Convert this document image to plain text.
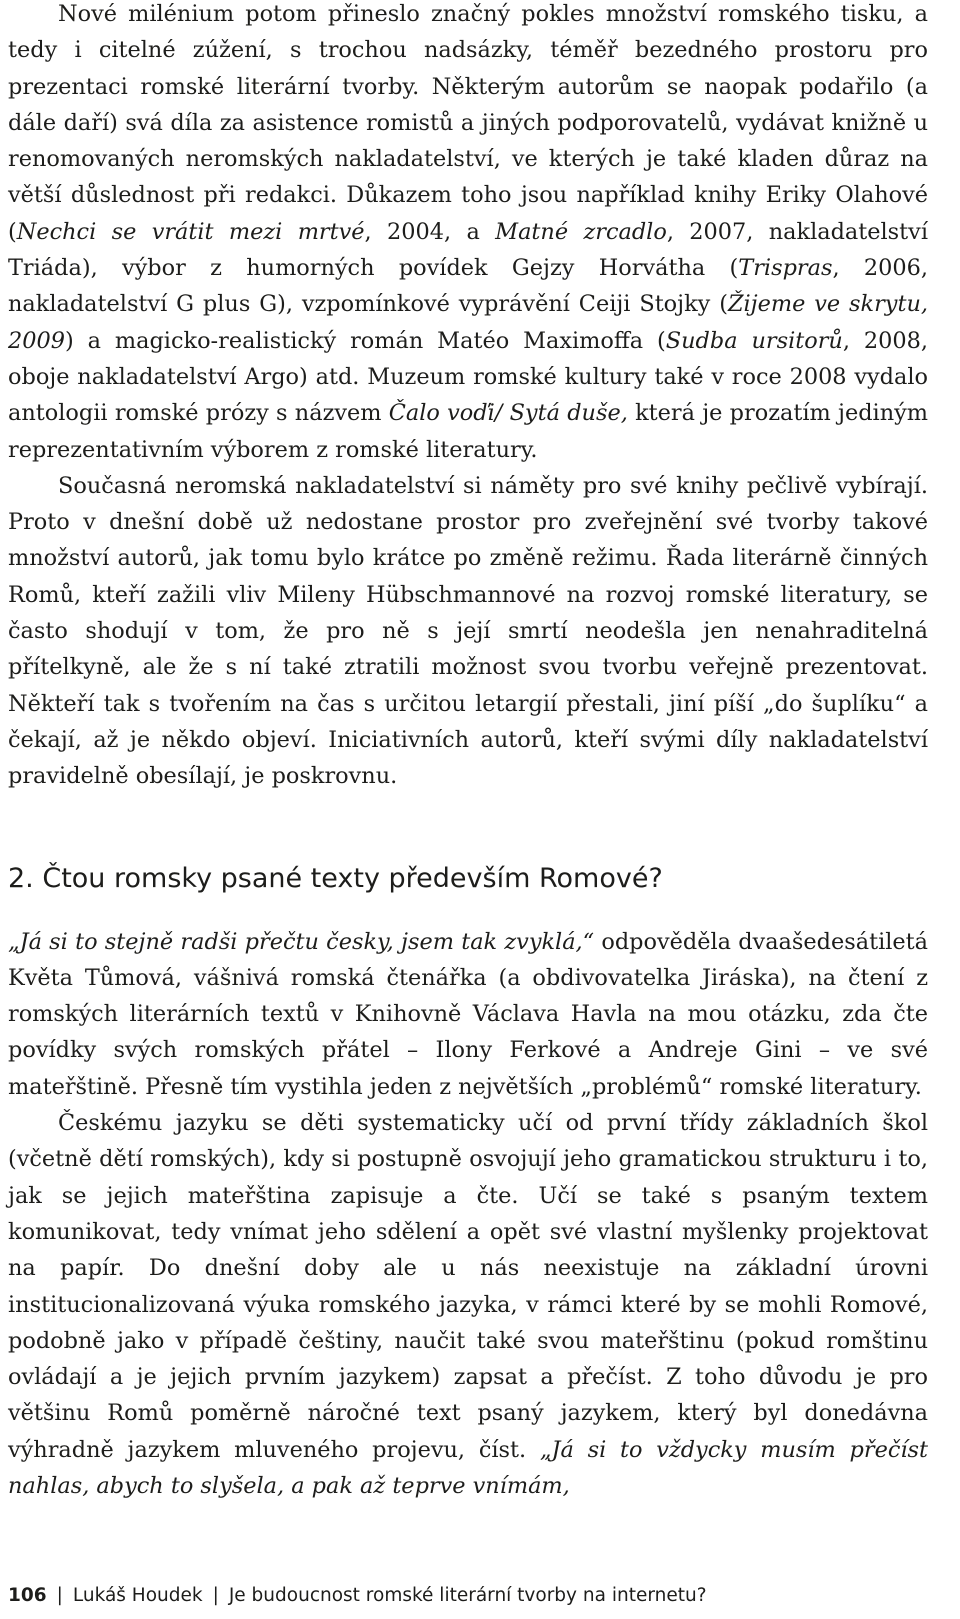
Nové milénium potom přineslo značný pokles množství romského tisku, a tedy i citelné zúžení, s trochou nadsázky, téměř bezedného prostoru pro prezentaci romské literární tvorby. Některým autorům se naopak podařilo (a dále daří) svá díla za asistence romistů a jiných podporovatelů, vydávat knižně u renomovaných neromských nakladatelství, ve kterých je také kladen důraz na větší důslednost při redakci. Důkazem toho jsou například knihy Eriky Olahové (Nechci se vrátit mezi mrtvé, 2004, a Matné zrcadlo, 2007, nakladatelství Triáda), výbor z humorných povídek Gejzy Horvátha (Trispras, 2006, nakladatelství G plus G), vzpomínkové vyprávění Ceiji Stojky (Žijeme ve skrytu, 2009) a magicko-realistický román Matéo Maximoffa (Sudba ursitorů, 2008, oboje nakladatelství Argo) atd. Muzeum romské kultury také v roce 2008 vydalo antologii romské prózy s názvem Čalo voďi/ Sytá duše, která je prozatím jediným reprezentativním výborem z romské literatury.

Současná neromská nakladatelství si náměty pro své knihy pečlivě vybírají. Proto v dnešní době už nedostane prostor pro zveřejnění své tvorby takové množství autorů, jak tomu bylo krátce po změně režimu. Řada literárně činných Romů, kteří zažili vliv Mileny Hübschmannové na rozvoj romské literatury, se často shodují v tom, že pro ně s její smrtí neodešla jen nenahraditelná přítelkyně, ale že s ní také ztratili možnost svou tvorbu veřejně prezentovat. Někteří tak s tvořením na čas s určitou letargií přestali, jiní píší „do šuplíku“ a čekají, až je někdo objeví. Iniciativních autorů, kteří svými díly nakladatelství pravidelně obesílají, je poskrovnu.

2. Čtou romsky psané texty především Romové?

„Já si to stejně radši přečtu česky, jsem tak zvyklá,“ odpověděla dvaašedesátiletá Květa Tůmová, vášnivá romská čtenářka (a obdivovatelka Jiráska), na čtení z romských literárních textů v Knihovně Václava Havla na mou otázku, zda čte povídky svých romských přátel – Ilony Ferkové a Andreje Gini – ve své mateřštině. Přesně tím vystihla jeden z největších „problémů“ romské literatury.

Českému jazyku se děti systematicky učí od první třídy základních škol (včetně dětí romských), kdy si postupně osvojují jeho gramatickou strukturu i to, jak se jejich mateřština zapisuje a čte. Učí se také s psaným textem komunikovat, tedy vnímat jeho sdělení a opět své vlastní myšlenky projektovat na papír. Do dnešní doby ale u nás neexistuje na základní úrovni institucionalizovaná výuka romského jazyka, v rámci které by se mohli Romové, podobně jako v případě češtiny, naučit také svou mateřštinu (pokud romštinu ovládají a je jejich prvním jazykem) zapsat a přečíst. Z toho důvodu je pro většinu Romů poměrně náročné text psaný jazykem, který byl donedávna výhradně jazykem mluveného projevu, číst. „Já si to vždycky musím přečíst nahlas, abych to slyšela, a pak až teprve vnímám,

106 | Lukáš Houdek | Je budoucnost romské literární tvorby na internetu?
